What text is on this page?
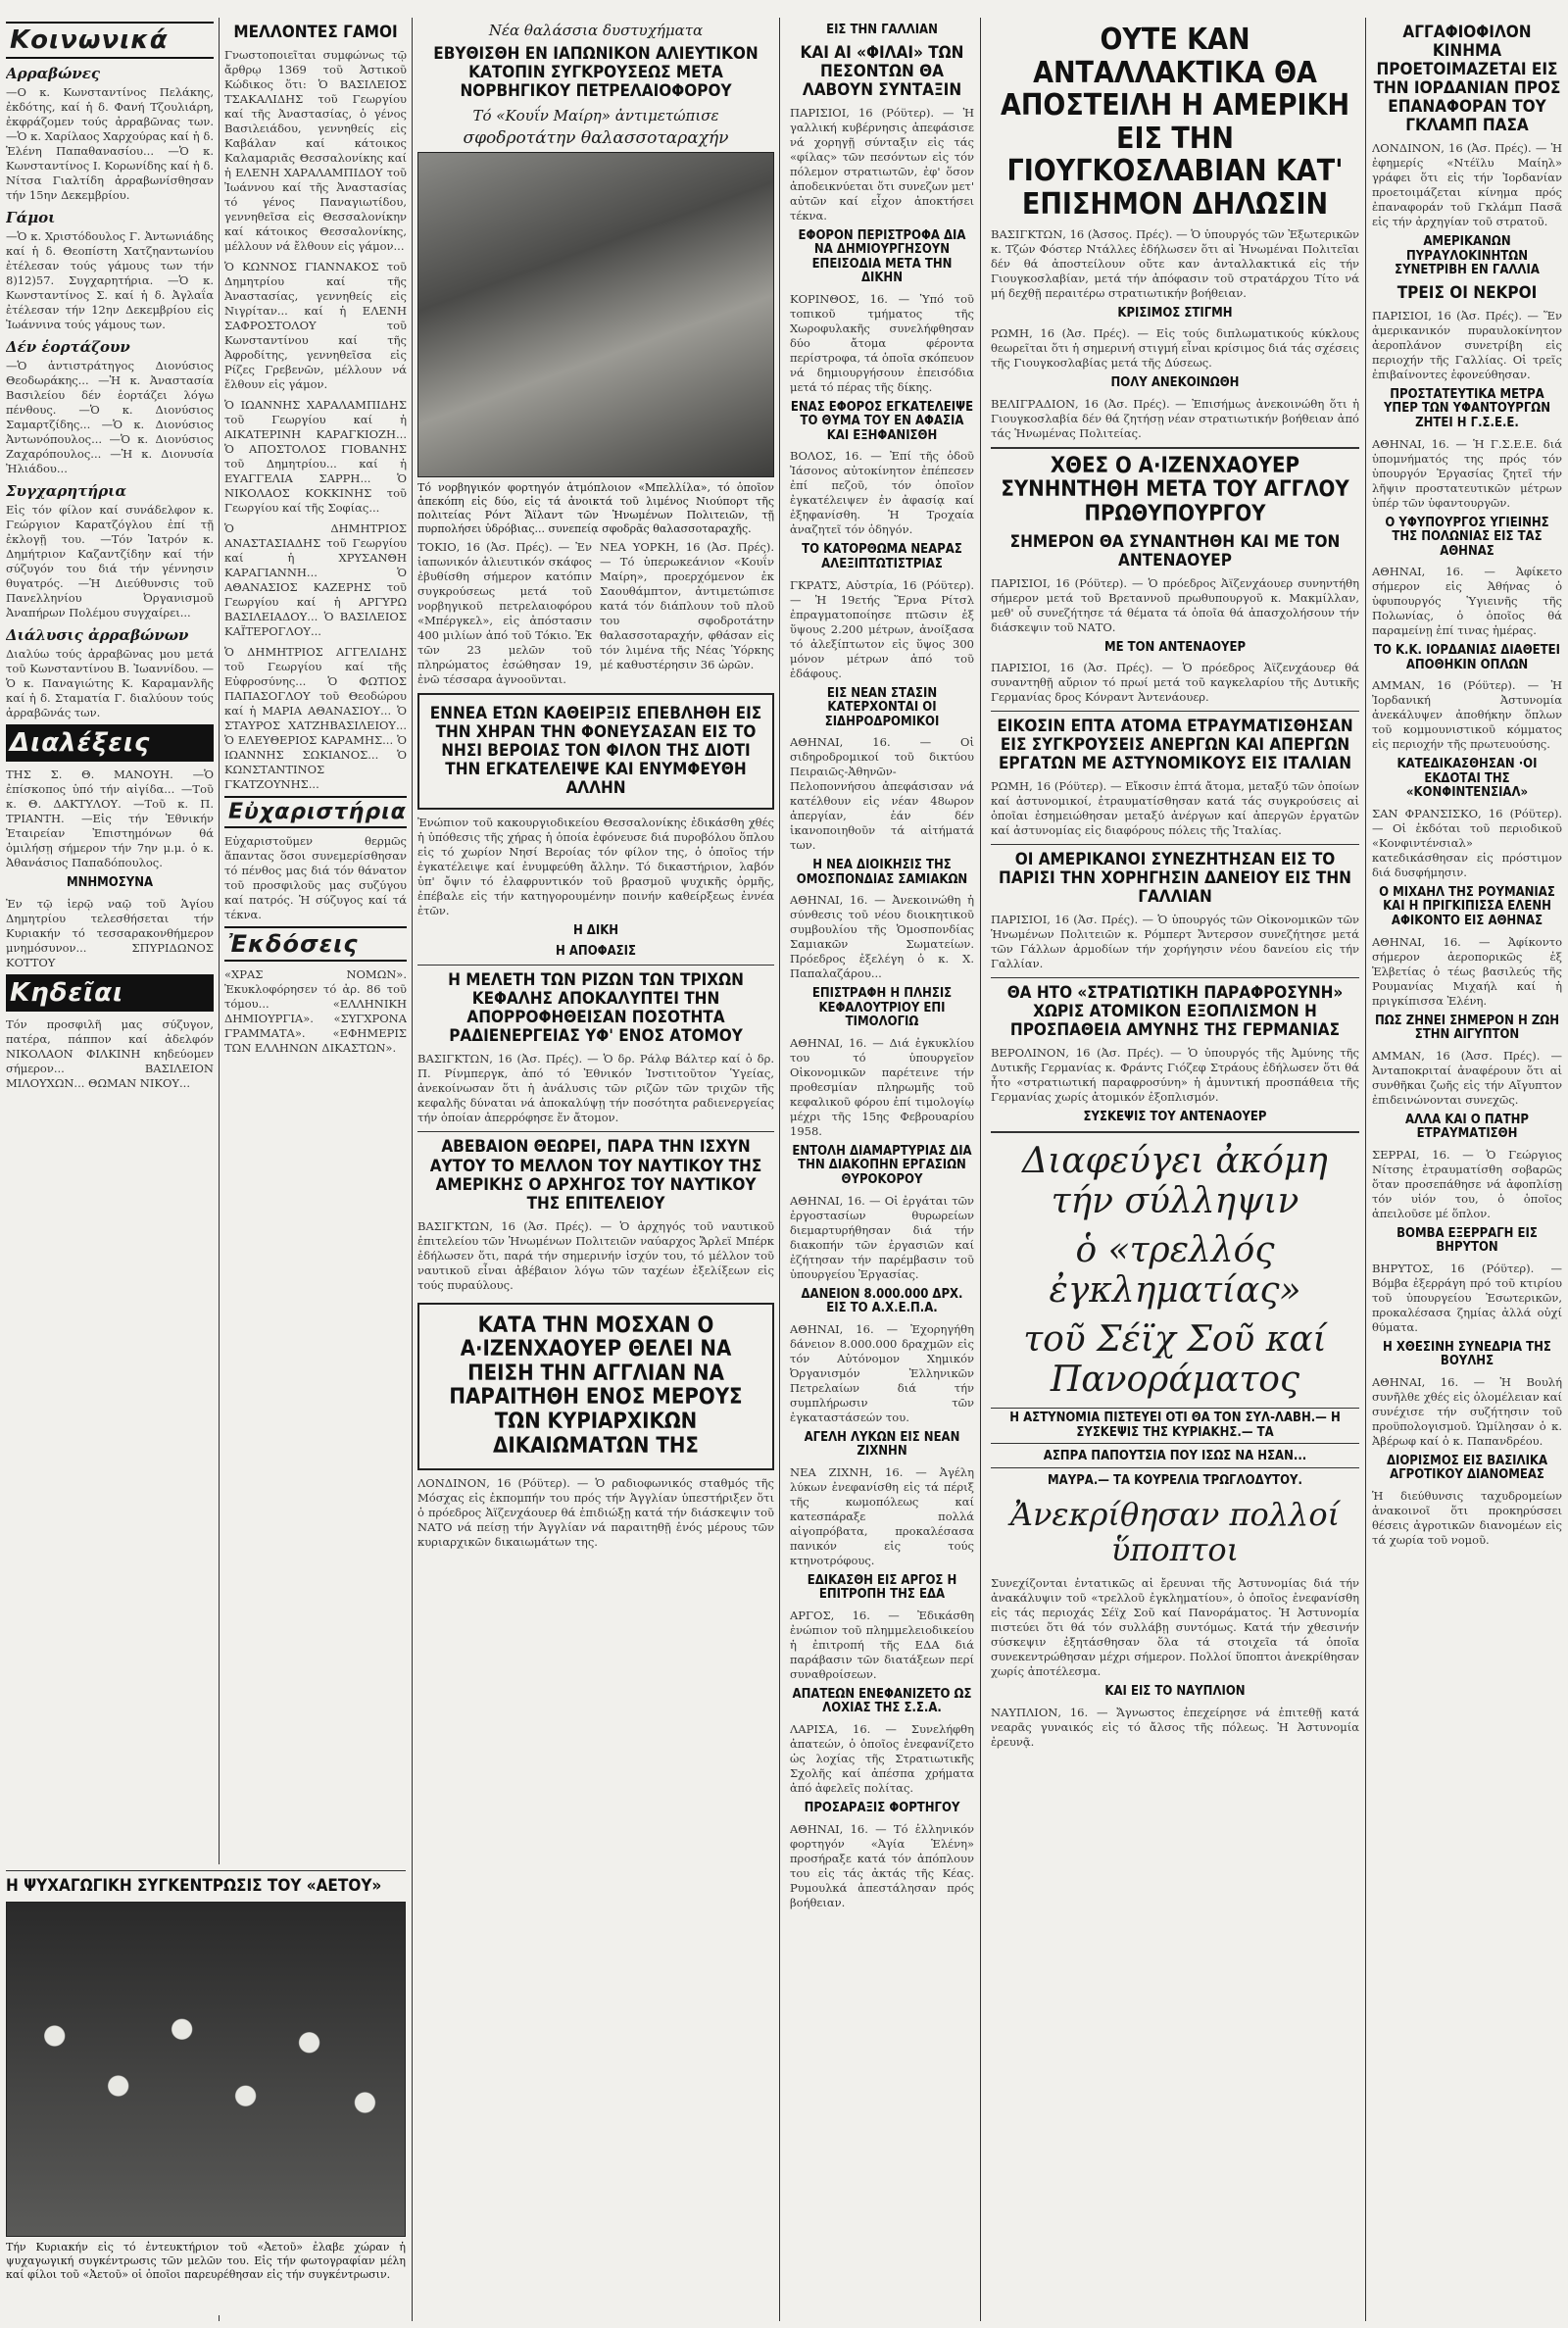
Κοινωνικά
Αρραβώνες
—Ο κ. Κωνσταντίνος Πελάκης, ἐκδότης, καί ἡ δ. Φανή Τζουλιάρη, ἐκφράζομεν τούς ἀρραβῶνας των. —Ὁ κ. Χαρίλαος Χαρχούρας καί ἡ δ. Ἑλένη Παπαθανασίου... —Ὁ κ. Κωνσταντίνος Ι. Κορωνίδης καί ἡ δ. Νίτσα Γιαλτίδη ἀρραβωνίσθησαν τήν 15ην Δεκεμβρίου.
Γάμοι
—Ὁ κ. Χριστόδουλος Γ. Ἀντωνιάδης καί ἡ δ. Θεοπίστη Χατζηαντωνίου ἐτέλεσαν τούς γάμους των τήν 8)12)57. Συγχαρητήρια. —Ὁ κ. Κωνσταντίνος Σ. καί ἡ δ. Ἀγλαΐα ἐτέλεσαν τήν 12ην Δεκεμβρίου εἰς Ἰωάννινα τούς γάμους των.
Δέν ἑορτάζουν
—Ὁ ἀντιστράτηγος Διονύσιος Θεοδωράκης... —Ἡ κ. Ἀναστασία Βασιλείου δέν ἑορτάζει λόγω πένθους. —Ὁ κ. Διονύσιος Σαμαρτζίδης... —Ὁ κ. Διονύσιος Ἀντωνόπουλος... —Ὁ κ. Διονύσιος Ζαχαρόπουλος... —Ἡ κ. Διονυσία Ἠλιάδου...
Συγχαρητήρια
Εἰς τόν φίλον καί συνάδελφον κ. Γεώργιον Καρατζόγλου ἐπί τῇ ἐκλογῇ του. —Τόν Ἰατρόν κ. Δημήτριον Καζαντζίδην καί τήν σύζυγόν του διά τήν γέννησιν θυγατρός. —Ἡ Διεύθυνσις τοῦ Πανελληνίου Ὀργανισμοῦ Ἀναπήρων Πολέμου συγχαίρει...
Διάλυσις ἀρραβώνων
Διαλύω τούς ἀρραβῶνας μου μετά τοῦ Κωνσταντίνου Β. Ἰωαννίδου. —Ὁ κ. Παναγιώτης Κ. Καραμανλῆς καί ἡ δ. Σταματία Γ. διαλύουν τούς ἀρραβῶνάς των.
Διαλέξεις
ΤΗΣ Σ. Θ. ΜΑΝΟΥΗ. —Ὁ ἐπίσκοπος ὑπό τήν αἰγίδα... —Τοῦ κ. Θ. ΔΑΚΤΥΛΟΥ. —Τοῦ κ. Π. ΤΡΙΑΝΤΗ. —Εἰς τήν Ἐθνικήν Ἑταιρείαν Ἐπιστημόνων θά ὁμιλήσῃ σήμερον τήν 7ην μ.μ. ὁ κ. Ἀθανάσιος Παπαδόπουλος.
ΜΝΗΜΟΣΥΝΑ
Ἐν τῷ ἱερῷ ναῷ τοῦ Ἁγίου Δημητρίου τελεσθήσεται τήν Κυριακήν τό τεσσαρακονθήμερον μνημόσυνον... ΣΠΥΡΙΔΩΝΟΣ ΚΟΤΤΟΥ
Κηδεῖαι
Τόν προσφιλῆ μας σύζυγον, πατέρα, πάππον καί ἀδελφόν ΝΙΚΟΛΑΟΝ ΦΙΛΚΙΝΗ κηδεύομεν σήμερον... ΒΑΣΙΛΕΙΟΝ ΜΙΛΟΥΧΩΝ... ΘΩΜΑΝ ΝΙΚΟΥ...
Η ΨΥΧΑΓΩΓΙΚΗ ΣΥΓΚΕΝΤΡΩΣΙΣ ΤΟΥ «ΑΕΤΟΥ»
Τήν Κυριακήν εἰς τό ἐντευκτήριον τοῦ «Ἀετοῦ» ἐλαβε χώραν ἡ ψυχαγωγική συγκέντρωσις τῶν μελῶν του. Εἰς τήν φωτογραφίαν μέλη καί φίλοι τοῦ «Ἀετοῦ» οἱ ὁποῖοι παρευρέθησαν εἰς τήν συγκέντρωσιν.
ΜΕΛΛΟΝΤΕΣ ΓΑΜΟΙ
Γνωστοποιεῖται συμφώνως τῷ ἄρθρῳ 1369 τοῦ Ἀστικοῦ Κώδικος ὅτι: Ὁ ΒΑΣΙΛΕΙΟΣ ΤΣΑΚΑΛΙΔΗΣ τοῦ Γεωργίου καί τῆς Ἀναστασίας, ὁ γένος Βασιλειάδου, γεννηθείς εἰς Καβάλαν καί κάτοικος Καλαμαριᾶς Θεσσαλονίκης καί ἡ ΕΛΕΝΗ ΧΑΡΑΛΑΜΠΙΔΟΥ τοῦ Ἰωάννου καί τῆς Ἀναστασίας τό γένος Παναγιωτίδου, γεννηθεῖσα εἰς Θεσσαλονίκην καί κάτοικος Θεσσαλονίκης, μέλλουν νά ἔλθουν εἰς γάμον...
Ὁ ΚΩΝΝΟΣ ΓΙΑΝΝΑΚΟΣ τοῦ Δημητρίου καί τῆς Ἀναστασίας, γεννηθείς εἰς Νιγρίταν... καί ἡ ΕΛΕΝΗ ΣΑΦΡΟΣΤΟΛΟΥ τοῦ Κωνσταντίνου καί τῆς Ἀφροδίτης, γεννηθεῖσα εἰς Ρίζες Γρεβενῶν, μέλλουν νά ἔλθουν εἰς γάμον.
Ὁ ΙΩΑΝΝΗΣ ΧΑΡΑΛΑΜΠΙΔΗΣ τοῦ Γεωργίου καί ἡ ΑΙΚΑΤΕΡΙΝΗ ΚΑΡΑΓΚΙΟΖΗ... Ὁ ΑΠΟΣΤΟΛΟΣ ΓΙΟΒΑΝΗΣ τοῦ Δημητρίου... καί ἡ ΕΥΑΓΓΕΛΙΑ ΣΑΡΡΗ... Ὁ ΝΙΚΟΛΑΟΣ ΚΟΚΚΙΝΗΣ τοῦ Γεωργίου καί τῆς Σοφίας...
Ὁ ΔΗΜΗΤΡΙΟΣ ΑΝΑΣΤΑΣΙΑΔΗΣ τοῦ Γεωργίου καί ἡ ΧΡΥΣΑΝΘΗ ΚΑΡΑΓΙΑΝΝΗ... Ὁ ΑΘΑΝΑΣΙΟΣ ΚΑΖΕΡΗΣ τοῦ Γεωργίου καί ἡ ΑΡΓΥΡΩ ΒΑΣΙΛΕΙΑΔΟΥ... Ὁ ΒΑΣΙΛΕΙΟΣ ΚΑΪΤΕΡΟΓΛΟΥ...
Ὁ ΔΗΜΗΤΡΙΟΣ ΑΓΓΕΛΙΔΗΣ τοῦ Γεωργίου καί τῆς Εὐφροσύνης... Ὁ ΦΩΤΙΟΣ ΠΑΠΑΣΟΓΛΟΥ τοῦ Θεοδώρου καί ἡ ΜΑΡΙΑ ΑΘΑΝΑΣΙΟΥ... Ὁ ΣΤΑΥΡΟΣ ΧΑΤΖΗΒΑΣΙΛΕΙΟΥ... Ὁ ΕΛΕΥΘΕΡΙΟΣ ΚΑΡΑΜΗΣ... Ὁ ΙΩΑΝΝΗΣ ΣΩΚΙΑΝΟΣ... Ὁ ΚΩΝΣΤΑΝΤΙΝΟΣ ΓΚΑΤΖΟΥΝΗΣ...
Εὐχαριστήρια
Εὐχαριστοῦμεν θερμῶς ἅπαντας ὅσοι συνεμερίσθησαν τό πένθος μας διά τόν θάνατον τοῦ προσφιλοῦς μας συζύγου καί πατρός. Ἡ σύζυγος καί τά τέκνα.
Ἐκδόσεις
«ΧΡΑΣ ΝΟΜΩΝ». Ἐκυκλοφόρησεν τό ἀρ. 86 τοῦ τόμου... «ΕΛΛΗΝΙΚΗ ΔΗΜΙΟΥΡΓΙΑ». «ΣΥΓΧΡΟΝΑ ΓΡΑΜΜΑΤΑ». «ΕΦΗΜΕΡΙΣ ΤΩΝ ΕΛΛΗΝΩΝ ΔΙΚΑΣΤΩΝ».
Νέα θαλάσσια δυστυχήματα
ΕΒΥΘΙΣΘΗ ΕΝ ΙΑΠΩΝΙΚΟΝ ΑΛΙΕΥΤΙΚΟΝ ΚΑΤΟΠΙΝ ΣΥΓΚΡΟΥΣΕΩΣ ΜΕΤΑ ΝΟΡΒΗΓΙΚΟΥ ΠΕΤΡΕΛΑΙΟΦΟΡΟΥ
Τό «Κουΐν Μαίρη» ἀντιμετώπισε
σφοδροτάτην θαλασσοταραχήν
Τό νορβηγικόν φορτηγόν ἀτμόπλοιον «Μπελλίλα», τό ὁποῖον ἀπεκόπη εἰς δύο, εἰς τά ἀνοικτά τοῦ λιμένος Νιούπορτ τῆς πολιτείας Ρόντ Ἄϊλαντ τῶν Ἡνωμένων Πολιτειῶν, τῇ πυρπολήσει ὑδρόβιας... συνεπείᾳ σφοδρᾶς θαλασσοταραχῆς.
ΤΟΚΙΟ, 16 (Ἀσ. Πρές). — Ἐν ἰαπωνικόν ἁλιευτικόν σκάφος ἐβυθίσθη σήμερον κατόπιν συγκρούσεως μετά τοῦ νορβηγικοῦ πετρελαιοφόρου «Μπέργκελ», εἰς ἀπόστασιν 400 μιλίων ἀπό τοῦ Τόκιο. Ἐκ τῶν 23 μελῶν τοῦ πληρώματος ἐσώθησαν 19, ἐνῶ τέσσαρα ἀγνοοῦνται.
ΝΕΑ ΥΟΡΚΗ, 16 (Ἀσ. Πρές). — Τό ὑπερωκεάνιον «Κουΐν Μαίρη», προερχόμενον ἐκ Σαουθάμπτον, ἀντιμετώπισε κατά τόν διάπλουν τοῦ πλοῦ του σφοδροτάτην θαλασσοταραχήν, φθάσαν εἰς τόν λιμένα τῆς Νέας Ὑόρκης μέ καθυστέρησιν 36 ὡρῶν.
ΕΝΝΕΑ ΕΤΩΝ ΚΑΘΕΙΡΞΙΣ ΕΠΕΒΛΗΘΗ ΕΙΣ ΤΗΝ ΧΗΡΑΝ ΤΗΝ ΦΟΝΕΥΣΑΣΑΝ ΕΙΣ ΤΟ ΝΗΣΙ ΒΕΡΟΙΑΣ ΤΟΝ ΦΙΛΟΝ ΤΗΣ ΔΙΟΤΙ ΤΗΝ ΕΓΚΑΤΕΛΕΙΨΕ ΚΑΙ ΕΝΥΜΦΕΥΘΗ ΑΛΛΗΝ
Ἐνώπιον τοῦ κακουργιοδικείου Θεσσαλονίκης ἐδικάσθη χθές ἡ ὑπόθεσις τῆς χήρας ἡ ὁποία ἐφόνευσε διά πυροβόλου ὅπλου εἰς τό χωρίον Νησί Βεροίας τόν φίλον της, ὁ ὁποῖος τήν ἐγκατέλειψε καί ἐνυμφεύθη ἄλλην. Τό δικαστήριον, λαβόν ὑπ' ὄψιν τό ἐλαφρυντικόν τοῦ βρασμοῦ ψυχικῆς ὁρμῆς, ἐπέβαλε εἰς τήν κατηγορουμένην ποινήν καθείρξεως ἐννέα ἐτῶν.
Η ΔΙΚΗ
Η ΑΠΟΦΑΣΙΣ
Η ΜΕΛΕΤΗ ΤΩΝ ΡΙΖΩΝ ΤΩΝ ΤΡΙΧΩΝ ΚΕΦΑΛΗΣ ΑΠΟΚΑΛΥΠΤΕΙ ΤΗΝ ΑΠΟΡΡΟΦΗΘΕΙΣΑΝ ΠΟΣΟΤΗΤΑ ΡΑΔΙΕΝΕΡΓΕΙΑΣ ΥΦ' ΕΝΟΣ ΑΤΟΜΟΥ
ΒΑΣΙΓΚΤΩΝ, 16 (Ἀσ. Πρές). — Ὁ δρ. Ράλφ Βάλτερ καί ὁ δρ. Π. Ρίνμπεργκ, ἀπό τό Ἐθνικόν Ἰνστιτοῦτον Ὑγείας, ἀνεκοίνωσαν ὅτι ἡ ἀνάλυσις τῶν ριζῶν τῶν τριχῶν τῆς κεφαλῆς δύναται νά ἀποκαλύψῃ τήν ποσότητα ραδιενεργείας τήν ὁποίαν ἀπερρόφησε ἕν ἄτομον.
ΑΒΕΒΑΙΟΝ ΘΕΩΡΕΙ, ΠΑΡΑ ΤΗΝ ΙΣΧΥΝ ΑΥΤΟΥ ΤΟ ΜΕΛΛΟΝ ΤΟΥ ΝΑΥΤΙΚΟΥ ΤΗΣ ΑΜΕΡΙΚΗΣ Ο ΑΡΧΗΓΟΣ ΤΟΥ ΝΑΥΤΙΚΟΥ ΤΗΣ ΕΠΙΤΕΛΕΙΟΥ
ΒΑΣΙΓΚΤΩΝ, 16 (Ἀσ. Πρές). — Ὁ ἀρχηγός τοῦ ναυτικοῦ ἐπιτελείου τῶν Ἡνωμένων Πολιτειῶν ναύαρχος Ἄρλεϊ Μπέρκ ἐδήλωσεν ὅτι, παρά τήν σημερινήν ἰσχύν του, τό μέλλον τοῦ ναυτικοῦ εἶναι ἀβέβαιον λόγω τῶν ταχέων ἐξελίξεων εἰς τούς πυραύλους.
ΚΑΤΑ ΤΗΝ ΜΟΣΧΑΝ Ο Α·ΙΖΕΝΧΑΟΥΕΡ ΘΕΛΕΙ ΝΑ ΠΕΙΣΗ ΤΗΝ ΑΓΓΛΙΑΝ ΝΑ ΠΑΡΑΙΤΗΘΗ ΕΝΟΣ ΜΕΡΟΥΣ ΤΩΝ ΚΥΡΙΑΡΧΙΚΩΝ ΔΙΚΑΙΩΜΑΤΩΝ ΤΗΣ
ΛΟΝΔΙΝΟΝ, 16 (Ρόϋτερ). — Ὁ ραδιοφωνικός σταθμός τῆς Μόσχας εἰς ἐκπομπήν του πρός τήν Ἀγγλίαν ὑπεστήριξεν ὅτι ὁ πρόεδρος Ἀϊζενχάουερ θά ἐπιδιώξῃ κατά τήν διάσκεψιν τοῦ ΝΑΤΟ νά πείσῃ τήν Ἀγγλίαν νά παραιτηθῇ ἑνός μέρους τῶν κυριαρχικῶν δικαιωμάτων της.
ΕΙΣ ΤΗΝ ΓΑΛΛΙΑΝ
ΚΑΙ ΑΙ «ΦΙΛΑΙ» ΤΩΝ ΠΕΣΟΝΤΩΝ ΘΑ ΛΑΒΟΥΝ ΣΥΝΤΑΞΙΝ
ΠΑΡΙΣΙΟΙ, 16 (Ρόϋτερ). — Ἡ γαλλική κυβέρνησις ἀπεφάσισε νά χορηγῇ σύνταξιν εἰς τάς «φίλας» τῶν πεσόντων εἰς τόν πόλεμον στρατιωτῶν, ἐφ' ὅσον ἀποδεικνύεται ὅτι συνεζων μετ' αὐτῶν καί εἶχον ἀποκτήσει τέκνα.
ΕΦΟΡΟΝ ΠΕΡΙΣΤΡΟΦΑ ΔΙΑ ΝΑ ΔΗΜΙΟΥΡΓΗΣΟΥΝ ΕΠΕΙΣΟΔΙΑ ΜΕΤΑ ΤΗΝ ΔΙΚΗΝ
ΚΟΡΙΝΘΟΣ, 16. — Ὑπό τοῦ τοπικοῦ τμήματος τῆς Χωροφυλακῆς συνελήφθησαν δύο ἄτομα φέροντα περίστροφα, τά ὁποῖα σκόπευον νά δημιουργήσουν ἐπεισόδια μετά τό πέρας τῆς δίκης.
ΕΝΑΣ ΕΦΟΡΟΣ ΕΓΚΑΤΕΛΕΙΨΕ ΤΟ ΘΥΜΑ ΤΟΥ ΕΝ ΑΦΑΣΙΑ ΚΑΙ ΕΞΗΦΑΝΙΣΘΗ
ΒΟΛΟΣ, 16. — Ἐπί τῆς ὁδοῦ Ἰάσονος αὐτοκίνητον ἐπέπεσεν ἐπί πεζοῦ, τόν ὁποῖον ἐγκατέλειψεν ἐν ἀφασίᾳ καί ἐξηφανίσθη. Ἡ Τροχαία ἀναζητεῖ τόν ὁδηγόν.
ΤΟ ΚΑΤΟΡΘΩΜΑ ΝΕΑΡΑΣ ΑΛΕΞΙΠΤΩΤΙΣΤΡΙΑΣ
ΓΚΡΑΤΣ, Αὐστρία, 16 (Ρόϋτερ). — Ἡ 19ετής Ἕρνα Ρίτσλ ἐπραγματοποίησε πτῶσιν ἐξ ὕψους 2.200 μέτρων, ἀνοίξασα τό ἀλεξίπτωτον εἰς ὕψος 300 μόνον μέτρων ἀπό τοῦ ἐδάφους.
ΕΙΣ ΝΕΑΝ ΣΤΑΣΙΝ ΚΑΤΕΡΧΟΝΤΑΙ ΟΙ ΣΙΔΗΡΟΔΡΟΜΙΚΟΙ
ΑΘΗΝΑΙ, 16. — Οἱ σιδηροδρομικοί τοῦ δικτύου Πειραιῶς-Ἀθηνῶν-Πελοποννήσου ἀπεφάσισαν νά κατέλθουν εἰς νέαν 48ωρον ἀπεργίαν, ἐάν δέν ἱκανοποιηθοῦν τά αἰτήματά των.
Η ΝΕΑ ΔΙΟΙΚΗΣΙΣ ΤΗΣ ΟΜΟΣΠΟΝΔΙΑΣ ΣΑΜΙΑΚΩΝ
ΑΘΗΝΑΙ, 16. — Ἀνεκοινώθη ἡ σύνθεσις τοῦ νέου διοικητικοῦ συμβουλίου τῆς Ὁμοσπονδίας Σαμιακῶν Σωματείων. Πρόεδρος ἐξελέγη ὁ κ. Χ. Παπαλαζάρου...
ΕΠΙΣΤΡΑΦΗ Η ΠΛΗΣΙΣ ΚΕΦΑΛΟΥΤΡΙΟΥ ΕΠΙ ΤΙΜΟΛΟΓΙΩ
ΑΘΗΝΑΙ, 16. — Διά ἐγκυκλίου του τό ὑπουργεῖον Οἰκονομικῶν παρέτεινε τήν προθεσμίαν πληρωμῆς τοῦ κεφαλικοῦ φόρου ἐπί τιμολογίῳ μέχρι τῆς 15ης Φεβρουαρίου 1958.
ΕΝΤΟΛΗ ΔΙΑΜΑΡΤΥΡΙΑΣ ΔΙΑ ΤΗΝ ΔΙΑΚΟΠΗΝ ΕΡΓΑΣΙΩΝ ΘΥΡΟΚΟΡΟΥ
ΑΘΗΝΑΙ, 16. — Οἱ ἐργάται τῶν ἐργοστασίων θυρωρείων διεμαρτυρήθησαν διά τήν διακοπήν τῶν ἐργασιῶν καί ἐζήτησαν τήν παρέμβασιν τοῦ ὑπουργείου Ἐργασίας.
ΔΑΝΕΙΟΝ 8.000.000 ΔΡΧ. ΕΙΣ ΤΟ Α.Χ.Ε.Π.Α.
ΑΘΗΝΑΙ, 16. — Ἐχορηγήθη δάνειον 8.000.000 δραχμῶν εἰς τόν Αὐτόνομον Χημικόν Ὀργανισμόν Ἑλληνικῶν Πετρελαίων διά τήν συμπλήρωσιν τῶν ἐγκαταστάσεών του.
ΑΓΕΛΗ ΛΥΚΩΝ ΕΙΣ ΝΕΑΝ ΖΙΧΝΗΝ
ΝΕΑ ΖΙΧΝΗ, 16. — Ἀγέλη λύκων ἐνεφανίσθη εἰς τά πέριξ τῆς κωμοπόλεως καί κατεσπάραξε πολλά αἰγοπρόβατα, προκαλέσασα πανικόν εἰς τούς κτηνοτρόφους.
ΕΔΙΚΑΣΘΗ ΕΙΣ ΑΡΓΟΣ Η ΕΠΙΤΡΟΠΗ ΤΗΣ ΕΔΑ
ΑΡΓΟΣ, 16. — Ἐδικάσθη ἐνώπιον τοῦ πλημμελειοδικείου ἡ ἐπιτροπή τῆς ΕΔΑ διά παράβασιν τῶν διατάξεων περί συναθροίσεων.
ΑΠΑΤΕΩΝ ΕΝΕΦΑΝΙΖΕΤΟ ΩΣ ΛΟΧΙΑΣ ΤΗΣ Σ.Σ.Α.
ΛΑΡΙΣΑ, 16. — Συνελήφθη ἀπατεών, ὁ ὁποῖος ἐνεφανίζετο ὡς λοχίας τῆς Στρατιωτικῆς Σχολῆς καί ἀπέσπα χρήματα ἀπό ἀφελεῖς πολίτας.
ΠΡΟΣΑΡΑΞΙΣ ΦΟΡΤΗΓΟΥ
ΑΘΗΝΑΙ, 16. — Τό ἑλληνικόν φορτηγόν «Ἀγία Ἑλένη» προσήραξε κατά τόν ἀπόπλουν του εἰς τάς ἀκτάς τῆς Κέας. Ρυμουλκά ἀπεστάλησαν πρός βοήθειαν.
ΟΥΤΕ ΚΑΝ ΑΝΤΑΛΛΑΚΤΙΚΑ ΘΑ ΑΠΟΣΤΕΙΛΗ Η ΑΜΕΡΙΚΗ ΕΙΣ ΤΗΝ ΓΙΟΥΓΚΟΣΛΑΒΙΑΝ ΚΑΤ' ΕΠΙΣΗΜΟΝ ΔΗΛΩΣΙΝ
ΒΑΣΙΓΚΤΩΝ, 16 (Ἀσσος. Πρές). — Ὁ ὑπουργός τῶν Ἐξωτερικῶν κ. Τζών Φόστερ Ντάλλες ἐδήλωσεν ὅτι αἱ Ἡνωμέναι Πολιτεῖαι δέν θά ἀποστείλουν οὔτε καν ἀνταλλακτικά εἰς τήν Γιουγκοσλαβίαν, μετά τήν ἀπόφασιν τοῦ στρατάρχου Τίτο νά μή δεχθῇ περαιτέρω στρατιωτικήν βοήθειαν.
ΚΡΙΣΙΜΟΣ ΣΤΙΓΜΗ
ΡΩΜΗ, 16 (Ἀσ. Πρές). — Εἰς τούς διπλωματικούς κύκλους θεωρεῖται ὅτι ἡ σημερινή στιγμή εἶναι κρίσιμος διά τάς σχέσεις τῆς Γιουγκοσλαβίας μετά τῆς Δύσεως.
ΠΟΛΥ ΑΝΕΚΟΙΝΩΘΗ
ΒΕΛΙΓΡΑΔΙΟΝ, 16 (Ἀσ. Πρές). — Ἐπισήμως ἀνεκοινώθη ὅτι ἡ Γιουγκοσλαβία δέν θά ζητήσῃ νέαν στρατιωτικήν βοήθειαν ἀπό τάς Ἡνωμένας Πολιτείας.
ΧΘΕΣ Ο Α·ΙΖΕΝΧΑΟΥΕΡ ΣΥΝΗΝΤΗΘΗ ΜΕΤΑ ΤΟΥ ΑΓΓΛΟΥ ΠΡΩΘΥΠΟΥΡΓΟΥ
ΣΗΜΕΡΟΝ ΘΑ ΣΥΝΑΝΤΗΘΗ ΚΑΙ ΜΕ ΤΟΝ ΑΝΤΕΝΑΟΥΕΡ
ΠΑΡΙΣΙΟΙ, 16 (Ρόϋτερ). — Ὁ πρόεδρος Ἀϊζενχάουερ συνηντήθη σήμερον μετά τοῦ Βρεταννοῦ πρωθυπουργοῦ κ. Μακμίλλαν, μεθ' οὗ συνεζήτησε τά θέματα τά ὁποῖα θά ἀπασχολήσουν τήν διάσκεψιν τοῦ ΝΑΤΟ.
ΜΕ ΤΟΝ ΑΝΤΕΝΑΟΥΕΡ
ΠΑΡΙΣΙΟΙ, 16 (Ἀσ. Πρές). — Ὁ πρόεδρος Ἀϊζενχάουερ θά συναντηθῇ αὔριον τό πρωί μετά τοῦ καγκελαρίου τῆς Δυτικῆς Γερμανίας δρος Κόνραντ Ἀντενάουερ.
ΕΙΚΟΣΙΝ ΕΠΤΑ ΑΤΟΜΑ ΕΤΡΑΥΜΑΤΙΣΘΗΣΑΝ ΕΙΣ ΣΥΓΚΡΟΥΣΕΙΣ ΑΝΕΡΓΩΝ ΚΑΙ ΑΠΕΡΓΩΝ ΕΡΓΑΤΩΝ ΜΕ ΑΣΤΥΝΟΜΙΚΟΥΣ ΕΙΣ ΙΤΑΛΙΑΝ
ΡΩΜΗ, 16 (Ρόϋτερ). — Εἴκοσιν ἑπτά ἄτομα, μεταξύ τῶν ὁποίων καί ἀστυνομικοί, ἐτραυματίσθησαν κατά τάς συγκρούσεις αἱ ὁποῖαι ἐσημειώθησαν μεταξύ ἀνέργων καί ἀπεργῶν ἐργατῶν καί ἀστυνομίας εἰς διαφόρους πόλεις τῆς Ἰταλίας.
ΟΙ ΑΜΕΡΙΚΑΝΟΙ ΣΥΝΕΖΗΤΗΣΑΝ ΕΙΣ ΤΟ ΠΑΡΙΣΙ ΤΗΝ ΧΟΡΗΓΗΣΙΝ ΔΑΝΕΙΟΥ ΕΙΣ ΤΗΝ ΓΑΛΛΙΑΝ
ΠΑΡΙΣΙΟΙ, 16 (Ἀσ. Πρές). — Ὁ ὑπουργός τῶν Οἰκονομικῶν τῶν Ἡνωμένων Πολιτειῶν κ. Ρόμπερτ Ἄντερσον συνεζήτησε μετά τῶν Γάλλων ἁρμοδίων τήν χορήγησιν νέου δανείου εἰς τήν Γαλλίαν.
ΘΑ ΗΤΟ «ΣΤΡΑΤΙΩΤΙΚΗ ΠΑΡΑΦΡΟΣΥΝΗ» ΧΩΡΙΣ ΑΤΟΜΙΚΟΝ ΕΞΟΠΛΙΣΜΟΝ Η ΠΡΟΣΠΑΘΕΙΑ ΑΜΥΝΗΣ ΤΗΣ ΓΕΡΜΑΝΙΑΣ
ΒΕΡΟΛΙΝΟΝ, 16 (Ἀσ. Πρές). — Ὁ ὑπουργός τῆς Ἀμύνης τῆς Δυτικῆς Γερμανίας κ. Φράντς Γιόζεφ Στράους ἐδήλωσεν ὅτι θά ἦτο «στρατιωτική παραφροσύνη» ἡ ἀμυντική προσπάθεια τῆς Γερμανίας χωρίς ἀτομικόν ἐξοπλισμόν.
ΣΥΣΚΕΨΙΣ ΤΟΥ ΑΝΤΕΝΑΟΥΕΡ
Διαφεύγει ἀκόμη τήν σύλληψιν
ὁ «τρελλός ἐγκληματίας»
τοῦ Σέϊχ Σοῦ καί Πανοράματος
Η ΑΣΤΥΝΟΜΙΑ ΠΙΣΤΕΥΕΙ ΟΤΙ ΘΑ ΤΟΝ ΣΥΛ-ΛΑΒΗ.— Η ΣΥΣΚΕΨΙΣ ΤΗΣ ΚΥΡΙΑΚΗΣ.— ΤΑ
ΑΣΠΡΑ ΠΑΠΟΥΤΣΙΑ ΠΟΥ ΙΣΩΣ ΝΑ ΗΣΑΝ...
ΜΑΥΡΑ.— ΤΑ ΚΟΥΡΕΛΙΑ ΤΡΩΓΛΟΔΥΤΟΥ.
Ἀνεκρίθησαν πολλοί ὕποπτοι
Συνεχίζονται ἐντατικῶς αἱ ἔρευναι τῆς Ἀστυνομίας διά τήν ἀνακάλυψιν τοῦ «τρελλοῦ ἐγκληματίου», ὁ ὁποῖος ἐνεφανίσθη εἰς τάς περιοχάς Σέϊχ Σοῦ καί Πανοράματος. Ἡ Ἀστυνομία πιστεύει ὅτι θά τόν συλλάβῃ συντόμως. Κατά τήν χθεσινήν σύσκεψιν ἐξητάσθησαν ὅλα τά στοιχεῖα τά ὁποῖα συνεκεντρώθησαν μέχρι σήμερον. Πολλοί ὕποπτοι ἀνεκρίθησαν χωρίς ἀποτέλεσμα.
ΚΑΙ ΕΙΣ ΤΟ ΝΑΥΠΛΙΟΝ
ΝΑΥΠΛΙΟΝ, 16. — Ἄγνωστος ἐπεχείρησε νά ἐπιτεθῇ κατά νεαρᾶς γυναικός εἰς τό ἄλσος τῆς πόλεως. Ἡ Ἀστυνομία ἐρευνᾷ.
ΑΓΓΑΦΙΟΦΙΛΟΝ ΚΙΝΗΜΑ ΠΡΟΕΤΟΙΜΑΖΕΤΑΙ ΕΙΣ ΤΗΝ ΙΟΡΔΑΝΙΑΝ ΠΡΟΣ ΕΠΑΝΑΦΟΡΑΝ ΤΟΥ ΓΚΛΑΜΠ ΠΑΣΑ
ΛΟΝΔΙΝΟΝ, 16 (Ἀσ. Πρές). — Ἡ ἐφημερίς «Ντέϊλυ Μαίηλ» γράφει ὅτι εἰς τήν Ἰορδανίαν προετοιμάζεται κίνημα πρός ἐπαναφοράν τοῦ Γκλάμπ Πασᾶ εἰς τήν ἀρχηγίαν τοῦ στρατοῦ.
ΑΜΕΡΙΚΑΝΩΝ ΠΥΡΑΥΛΟΚΙΝΗΤΩΝ ΣΥΝΕΤΡΙΒΗ ΕΝ ΓΑΛΛΙΑ
ΤΡΕΙΣ ΟΙ ΝΕΚΡΟΙ
ΠΑΡΙΣΙΟΙ, 16 (Ἀσ. Πρές). — Ἕν ἀμερικανικόν πυραυλοκίνητον ἀεροπλάνον συνετρίβη εἰς περιοχήν τῆς Γαλλίας. Οἱ τρεῖς ἐπιβαίνοντες ἐφονεύθησαν.
ΠΡΟΣΤΑΤΕΥΤΙΚΑ ΜΕΤΡΑ ΥΠΕΡ ΤΩΝ ΥΦΑΝΤΟΥΡΓΩΝ ΖΗΤΕΙ Η Γ.Σ.Ε.Ε.
ΑΘΗΝΑΙ, 16. — Ἡ Γ.Σ.Ε.Ε. διά ὑπομνήματός της πρός τόν ὑπουργόν Ἐργασίας ζητεῖ τήν λῆψιν προστατευτικῶν μέτρων ὑπέρ τῶν ὑφαντουργῶν.
Ο ΥΦΥΠΟΥΡΓΟΣ ΥΓΙΕΙΝΗΣ ΤΗΣ ΠΟΛΩΝΙΑΣ ΕΙΣ ΤΑΣ ΑΘΗΝΑΣ
ΑΘΗΝΑΙ, 16. — Ἀφίκετο σήμερον εἰς Ἀθήνας ὁ ὑφυπουργός Ὑγιεινῆς τῆς Πολωνίας, ὁ ὁποῖος θά παραμείνῃ ἐπί τινας ἡμέρας.
ΤΟ Κ.Κ. ΙΟΡΔΑΝΙΑΣ ΔΙΑΘΕΤΕΙ ΑΠΟΘΗΚΙΝ ΟΠΛΩΝ
ΑΜΜΑΝ, 16 (Ρόϋτερ). — Ἡ Ἰορδανική Ἀστυνομία ἀνεκάλυψεν ἀποθήκην ὅπλων τοῦ κομμουνιστικοῦ κόμματος εἰς περιοχήν τῆς πρωτευούσης.
ΚΑΤΕΔΙΚΑΣΘΗΣΑΝ ·ΟΙ ΕΚΔΟΤΑΙ ΤΗΣ «ΚΟΝΦΙΝΤΕΝΣΙΑΛ»
ΣΑΝ ΦΡΑΝΣΙΣΚΟ, 16 (Ρόϋτερ). — Οἱ ἐκδόται τοῦ περιοδικοῦ «Κονφιντένσιαλ» κατεδικάσθησαν εἰς πρόστιμον διά δυσφήμησιν.
Ο ΜΙΧΑΗΛ ΤΗΣ ΡΟΥΜΑΝΙΑΣ ΚΑΙ Η ΠΡΙΓΚΙΠΙΣΣΑ ΕΛΕΝΗ ΑΦΙΚΟΝΤΟ ΕΙΣ ΑΘΗΝΑΣ
ΑΘΗΝΑΙ, 16. — Ἀφίκοντο σήμερον ἀεροπορικῶς ἐξ Ἑλβετίας ὁ τέως βασιλεύς τῆς Ρουμανίας Μιχαήλ καί ἡ πριγκίπισσα Ἑλένη.
ΠΩΣ ΖΗΝΕΙ ΣΗΜΕΡΟΝ Η ΖΩΗ ΣΤΗΝ ΑΙΓΥΠΤΟΝ
ΑΜΜΑΝ, 16 (Ἀσσ. Πρές). — Ἀνταποκριταί ἀναφέρουν ὅτι αἱ συνθῆκαι ζωῆς εἰς τήν Αἴγυπτον ἐπιδεινώνονται συνεχῶς.
ΑΛΛΑ ΚΑΙ Ο ΠΑΤΗΡ ΕΤΡΑΥΜΑΤΙΣΘΗ
ΣΕΡΡΑΙ, 16. — Ὁ Γεώργιος Νίτσης ἐτραυματίσθη σοβαρῶς ὅταν προσεπάθησε νά ἀφοπλίσῃ τόν υἱόν του, ὁ ὁποῖος ἀπειλοῦσε μέ ὅπλον.
ΒΟΜΒΑ ΕΞΕΡΡΑΓΗ ΕΙΣ ΒΗΡΥΤΟΝ
ΒΗΡΥΤΟΣ, 16 (Ρόϋτερ). — Βόμβα ἐξερράγη πρό τοῦ κτιρίου τοῦ ὑπουργείου Ἐσωτερικῶν, προκαλέσασα ζημίας ἀλλά οὐχί θύματα.
Η ΧΘΕΣΙΝΗ ΣΥΝΕΔΡΙΑ ΤΗΣ ΒΟΥΛΗΣ
ΑΘΗΝΑΙ, 16. — Ἡ Βουλή συνῆλθε χθές εἰς ὁλομέλειαν καί συνέχισε τήν συζήτησιν τοῦ προϋπολογισμοῦ. Ὡμίλησαν ὁ κ. Ἀβέρωφ καί ὁ κ. Παπανδρέου.
ΔΙΟΡΙΣΜΟΣ ΕΙΣ ΒΑΣΙΛΙΚΑ ΑΓΡΟΤΙΚΟΥ ΔΙΑΝΟΜΕΑΣ
Ἡ διεύθυνσις ταχυδρομείων ἀνακοινοῖ ὅτι προκηρύσσει θέσεις ἀγροτικῶν διανομέων εἰς τά χωρία τοῦ νομοῦ.
